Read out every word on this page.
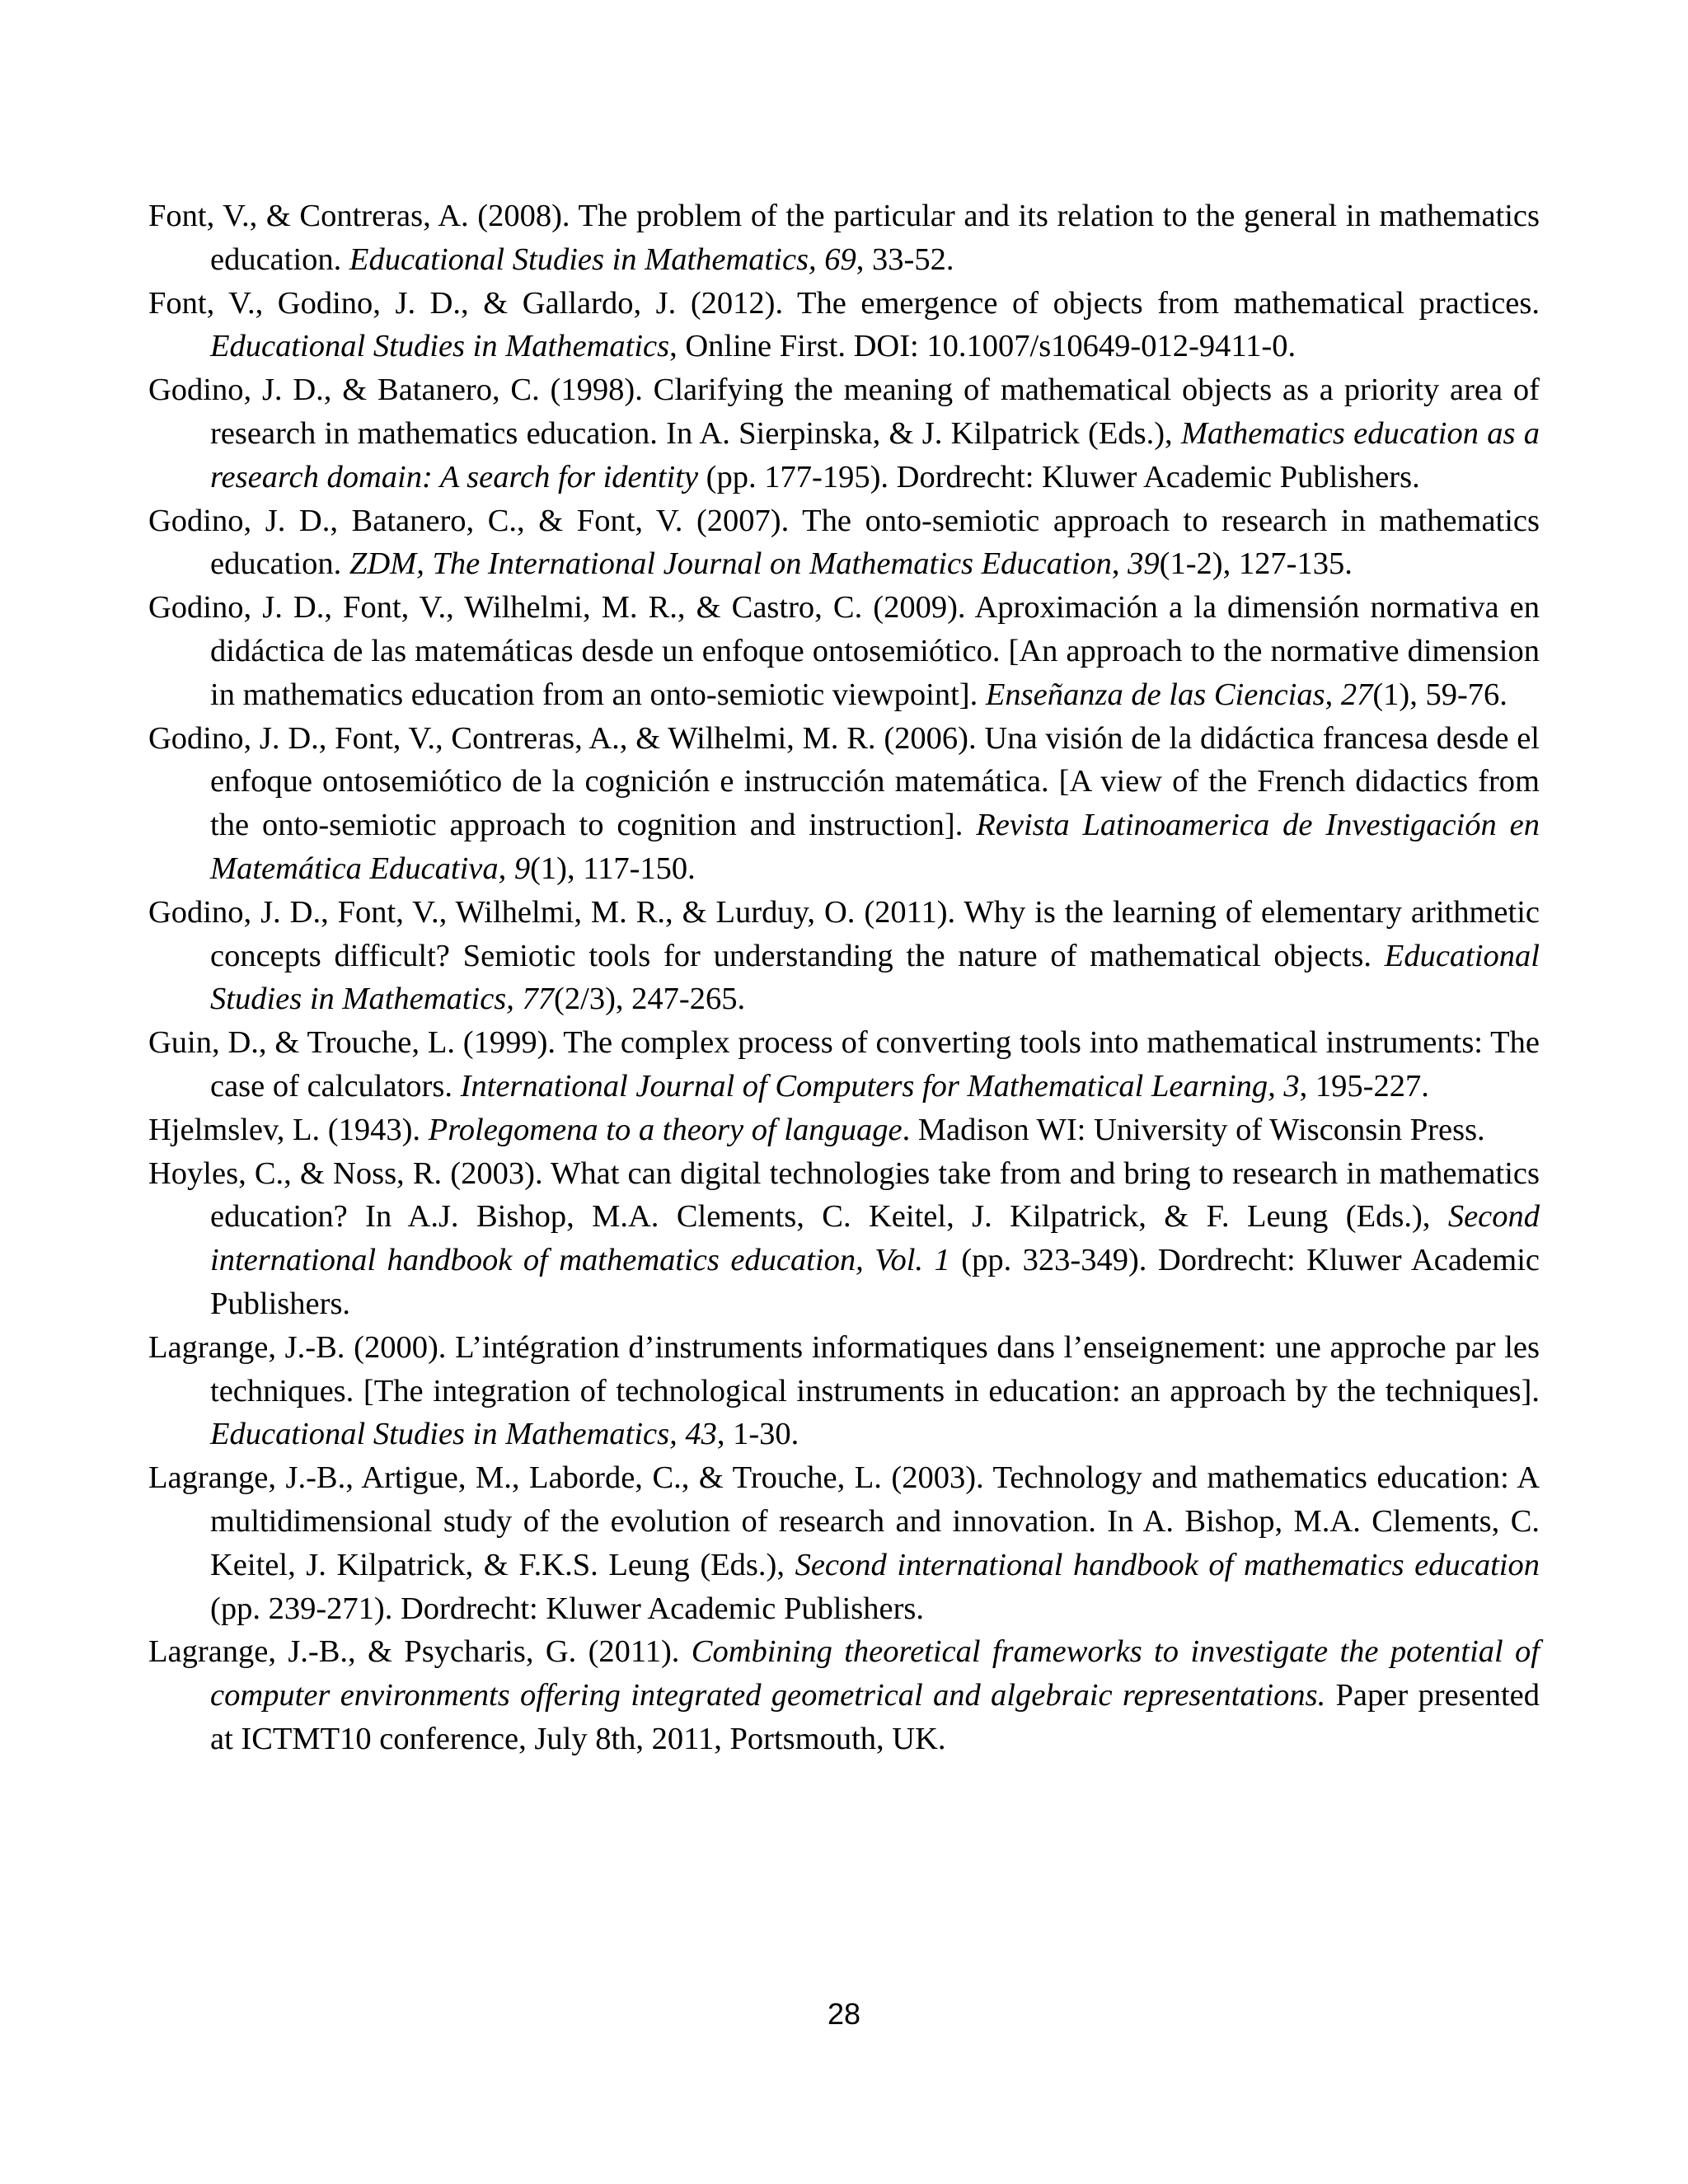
Font, V., & Contreras, A. (2008). The problem of the particular and its relation to the general in mathematics education. Educational Studies in Mathematics, 69, 33-52.

Font, V., Godino, J. D., & Gallardo, J. (2012). The emergence of objects from mathematical practices. Educational Studies in Mathematics, Online First. DOI: 10.1007/s10649-012-9411-0.

Godino, J. D., & Batanero, C. (1998). Clarifying the meaning of mathematical objects as a priority area of research in mathematics education. In A. Sierpinska, & J. Kilpatrick (Eds.), Mathematics education as a research domain: A search for identity (pp. 177-195). Dordrecht: Kluwer Academic Publishers.

Godino, J. D., Batanero, C., & Font, V. (2007). The onto-semiotic approach to research in mathematics education. ZDM, The International Journal on Mathematics Education, 39(1-2), 127-135.

Godino, J. D., Font, V., Wilhelmi, M. R., & Castro, C. (2009). Aproximación a la dimensión normativa en didáctica de las matemáticas desde un enfoque ontosemiótico. [An approach to the normative dimension in mathematics education from an onto-semiotic viewpoint]. Enseñanza de las Ciencias, 27(1), 59-76.

Godino, J. D., Font, V., Contreras, A., & Wilhelmi, M. R. (2006). Una visión de la didáctica francesa desde el enfoque ontosemiótico de la cognición e instrucción matemática. [A view of the French didactics from the onto-semiotic approach to cognition and instruction]. Revista Latinoamerica de Investigación en Matemática Educativa, 9(1), 117-150.

Godino, J. D., Font, V., Wilhelmi, M. R., & Lurduy, O. (2011). Why is the learning of elementary arithmetic concepts difficult? Semiotic tools for understanding the nature of mathematical objects. Educational Studies in Mathematics, 77(2/3), 247-265.

Guin, D., & Trouche, L. (1999). The complex process of converting tools into mathematical instruments: The case of calculators. International Journal of Computers for Mathematical Learning, 3, 195-227.

Hjelmslev, L. (1943). Prolegomena to a theory of language. Madison WI: University of Wisconsin Press.

Hoyles, C., & Noss, R. (2003). What can digital technologies take from and bring to research in mathematics education? In A.J. Bishop, M.A. Clements, C. Keitel, J. Kilpatrick, & F. Leung (Eds.), Second international handbook of mathematics education, Vol. 1 (pp. 323-349). Dordrecht: Kluwer Academic Publishers.

Lagrange, J.-B. (2000). L’intégration d’instruments informatiques dans l’enseignement: une approche par les techniques. [The integration of technological instruments in education: an approach by the techniques]. Educational Studies in Mathematics, 43, 1-30.

Lagrange, J.-B., Artigue, M., Laborde, C., & Trouche, L. (2003). Technology and mathematics education: A multidimensional study of the evolution of research and innovation. In A. Bishop, M.A. Clements, C. Keitel, J. Kilpatrick, & F.K.S. Leung (Eds.), Second international handbook of mathematics education (pp. 239-271). Dordrecht: Kluwer Academic Publishers.

Lagrange, J.-B., & Psycharis, G. (2011). Combining theoretical frameworks to investigate the potential of computer environments offering integrated geometrical and algebraic representations. Paper presented at ICTMT10 conference, July 8th, 2011, Portsmouth, UK.

28
